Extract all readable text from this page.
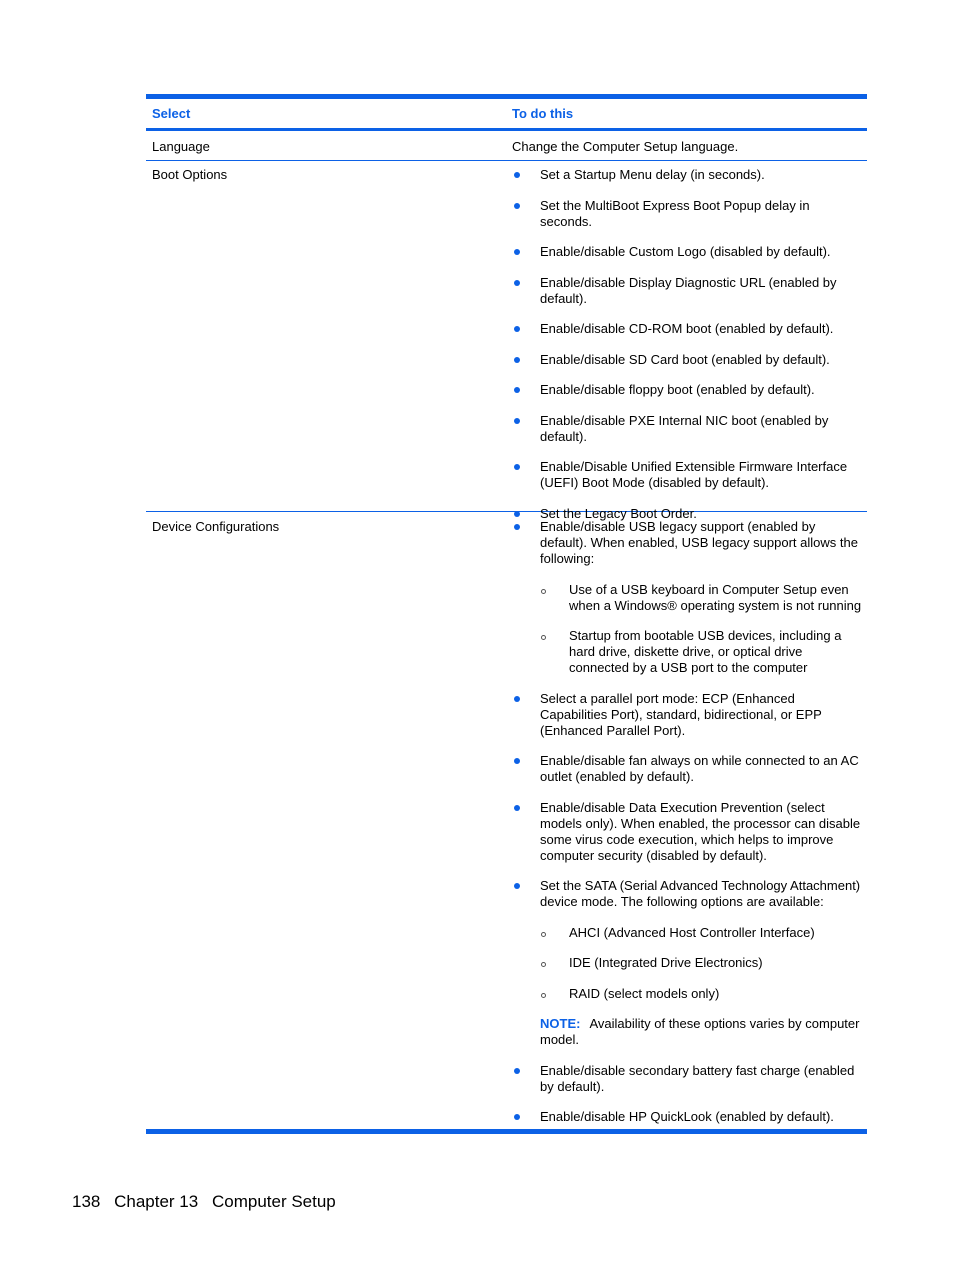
Select	To do this
Language	Change the Computer Setup language.
Boot Options	Set a Startup Menu delay (in seconds).
Set the MultiBoot Express Boot Popup delay in seconds.
Enable/disable Custom Logo (disabled by default).
Enable/disable Display Diagnostic URL (enabled by default).
Enable/disable CD-ROM boot (enabled by default).
Enable/disable SD Card boot (enabled by default).
Enable/disable floppy boot (enabled by default).
Enable/disable PXE Internal NIC boot (enabled by default).
Enable/Disable Unified Extensible Firmware Interface (UEFI) Boot Mode (disabled by default).
Set the Legacy Boot Order.
Device Configurations	Enable/disable USB legacy support (enabled by default). When enabled, USB legacy support allows the following:
Use of a USB keyboard in Computer Setup even when a Windows® operating system is not running
Startup from bootable USB devices, including a hard drive, diskette drive, or optical drive connected by a USB port to the computer
Select a parallel port mode: ECP (Enhanced Capabilities Port), standard, bidirectional, or EPP (Enhanced Parallel Port).
Enable/disable fan always on while connected to an AC outlet (enabled by default).
Enable/disable Data Execution Prevention (select models only). When enabled, the processor can disable some virus code execution, which helps to improve computer security (disabled by default).
Set the SATA (Serial Advanced Technology Attachment) device mode. The following options are available:
AHCI (Advanced Host Controller Interface)
IDE (Integrated Drive Electronics)
RAID (select models only)
NOTE: Availability of these options varies by computer model.
Enable/disable secondary battery fast charge (enabled by default).
Enable/disable HP QuickLook (enabled by default).
138 Chapter 13 Computer Setup
